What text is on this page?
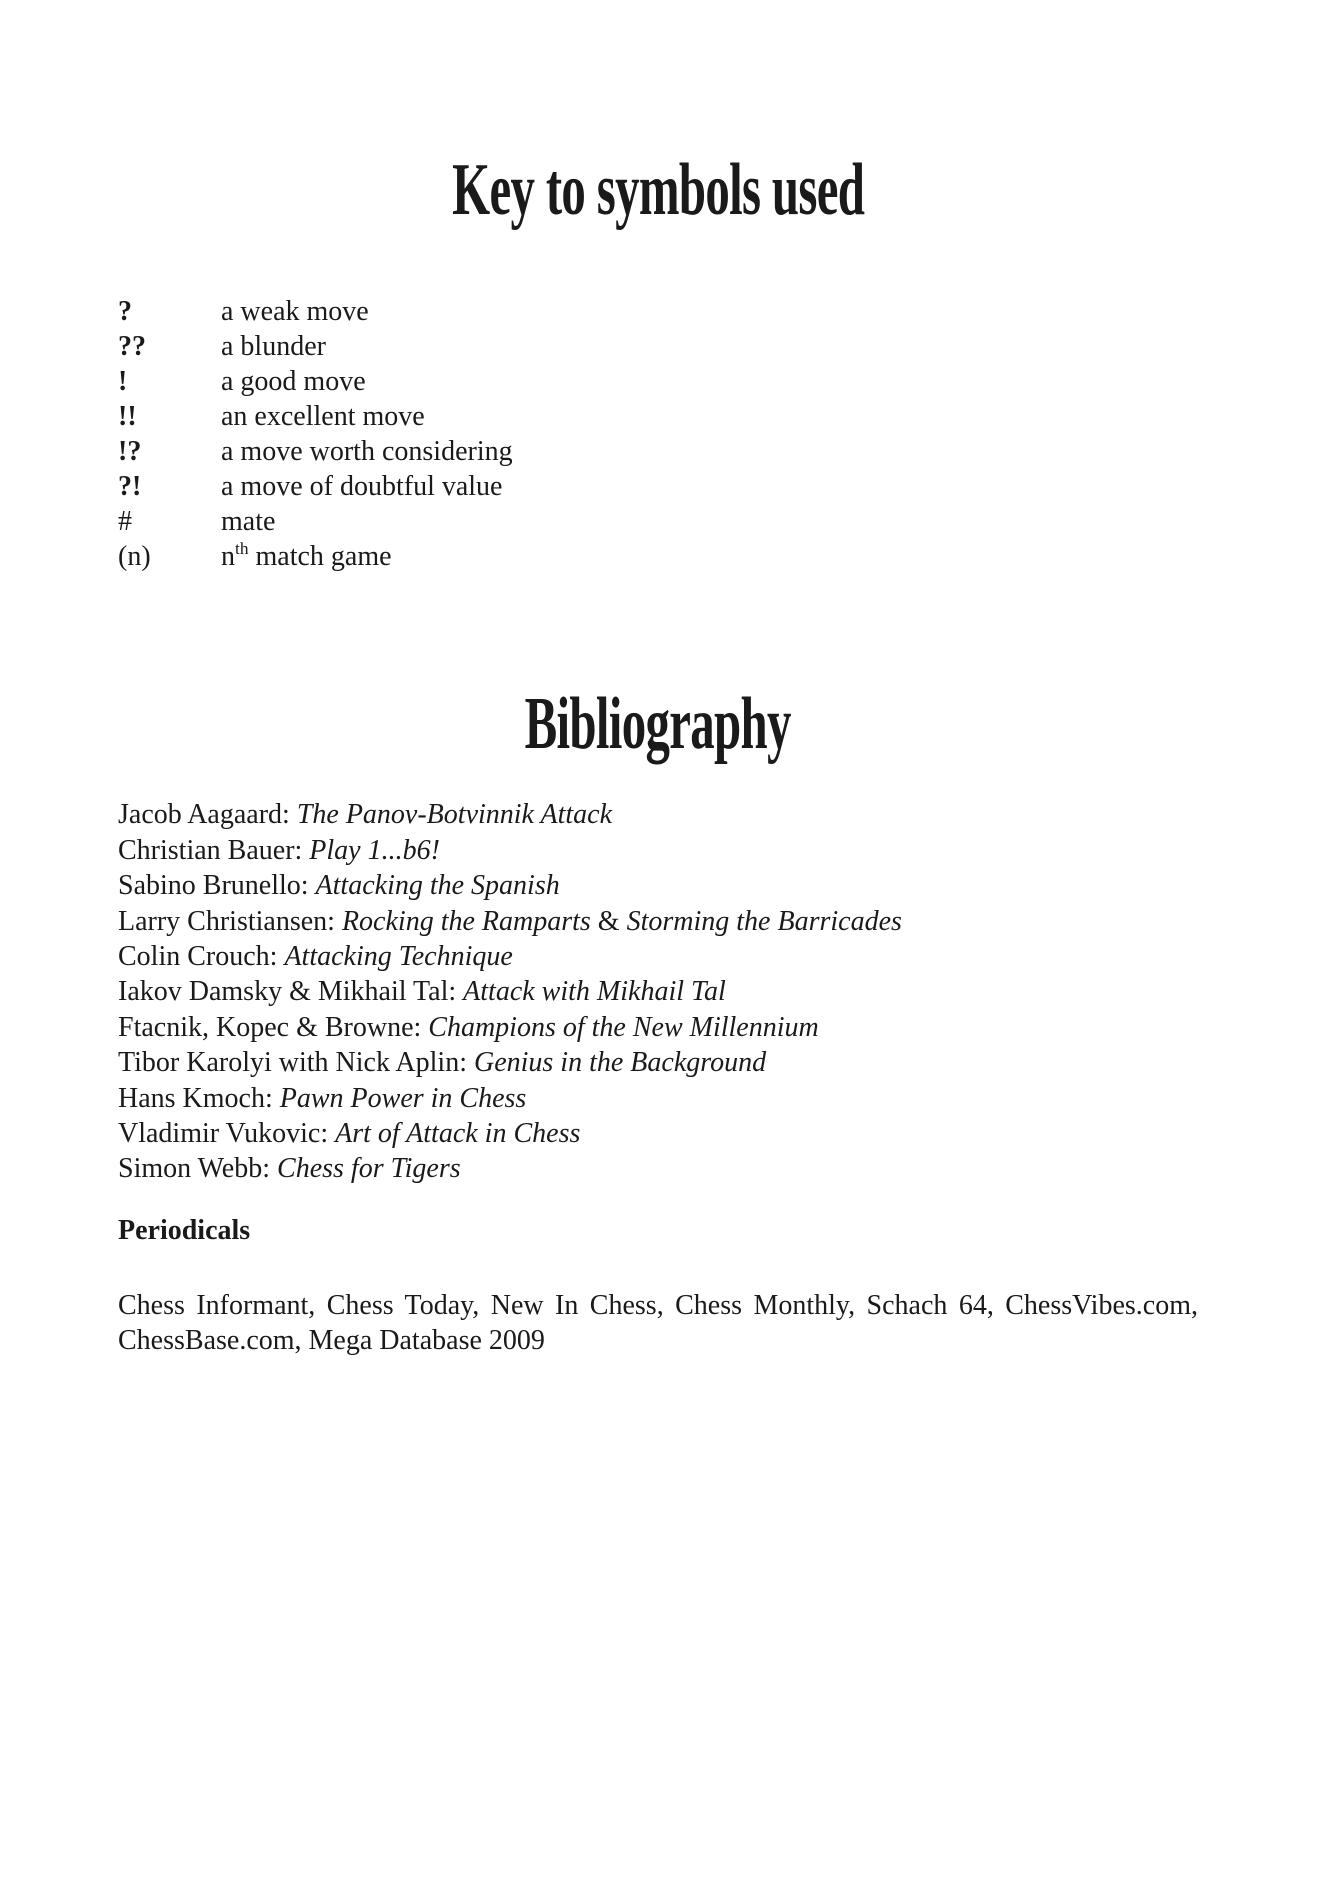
Key to symbols used
?	a weak move
??	a blunder
!	a good move
!!	an excellent move
!?	a move worth considering
?!	a move of doubtful value
#	mate
(n)	$n^{th}$ match game
Bibliography
Jacob Aagaard: The Panov-Botvinnik Attack
Christian Bauer: Play 1...b6!
Sabino Brunello: Attacking the Spanish
Larry Christiansen: Rocking the Ramparts & Storming the Barricades
Colin Crouch: Attacking Technique
Iakov Damsky & Mikhail Tal: Attack with Mikhail Tal
Ftacnik, Kopec & Browne: Champions of the New Millennium
Tibor Karolyi with Nick Aplin: Genius in the Background
Hans Kmoch: Pawn Power in Chess
Vladimir Vukovic: Art of Attack in Chess
Simon Webb: Chess for Tigers
Periodicals
Chess Informant, Chess Today, New In Chess, Chess Monthly, Schach 64, ChessVibes.com, ChessBase.com, Mega Database 2009
